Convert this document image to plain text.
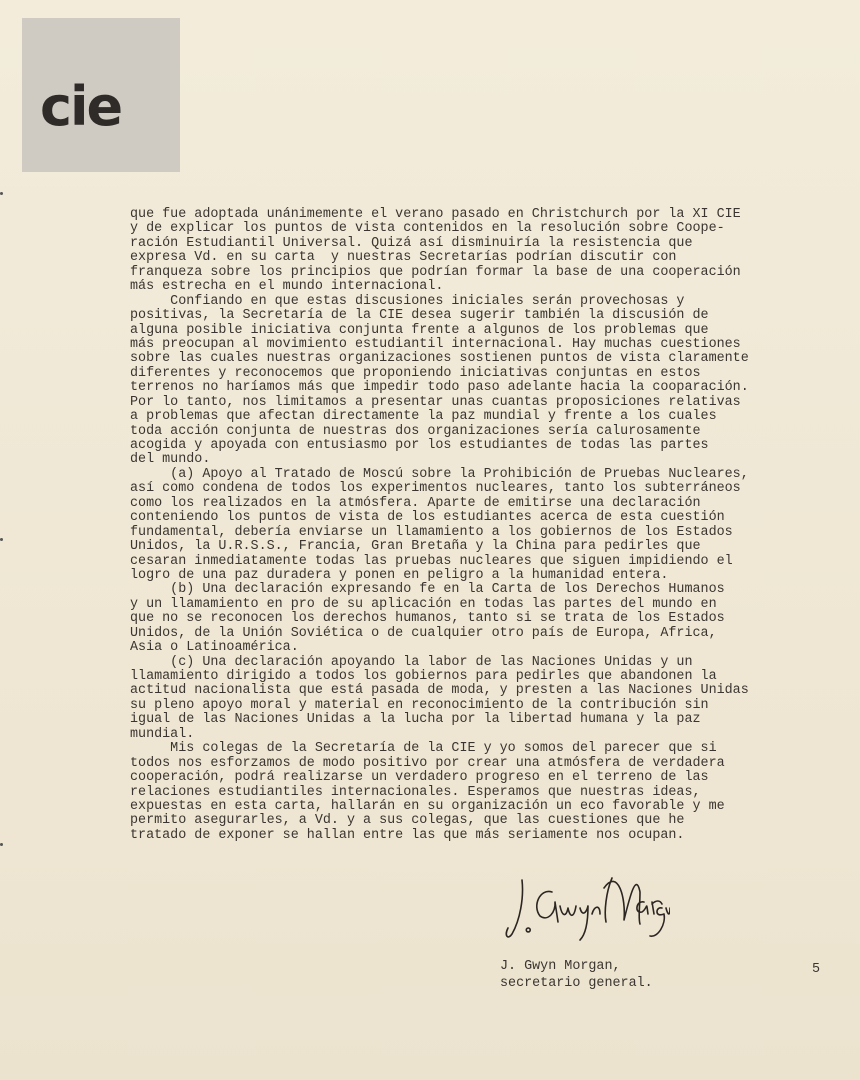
cie
que fue adoptada unánimemente el verano pasado en Christchurch por la XI CIE
y de explicar los puntos de vista contenidos en la resolución sobre Coope-
ración Estudiantil Universal. Quizá así disminuiría la resistencia que
expresa Vd. en su carta  y nuestras Secretarías podrían discutir con
franqueza sobre los principios que podrían formar la base de una cooperación
más estrecha en el mundo internacional.
Confiando en que estas discusiones iniciales serán provechosas y
positivas, la Secretaría de la CIE desea sugerir también la discusión de
alguna posible iniciativa conjunta frente a algunos de los problemas que
más preocupan al movimiento estudiantil internacional. Hay muchas cuestiones
sobre las cuales nuestras organizaciones sostienen puntos de vista claramente
diferentes y reconocemos que proponiendo iniciativas conjuntas en estos
terrenos no haríamos más que impedir todo paso adelante hacia la cooparación.
Por lo tanto, nos limitamos a presentar unas cuantas proposiciones relativas
a problemas que afectan directamente la paz mundial y frente a los cuales
toda acción conjunta de nuestras dos organizaciones sería calurosamente
acogida y apoyada con entusiasmo por los estudiantes de todas las partes
del mundo.
(a) Apoyo al Tratado de Moscú sobre la Prohibición de Pruebas Nucleares,
así como condena de todos los experimentos nucleares, tanto los subterráneos
como los realizados en la atmósfera. Aparte de emitirse una declaración
conteniendo los puntos de vista de los estudiantes acerca de esta cuestión
fundamental, debería enviarse un llamamiento a los gobiernos de los Estados
Unidos, la U.R.S.S., Francia, Gran Bretaña y la China para pedirles que
cesaran inmediatamente todas las pruebas nucleares que siguen impidiendo el
logro de una paz duradera y ponen en peligro a la humanidad entera.
(b) Una declaración expresando fe en la Carta de los Derechos Humanos
y un llamamiento en pro de su aplicación en todas las partes del mundo en
que no se reconocen los derechos humanos, tanto si se trata de los Estados
Unidos, de la Unión Soviética o de cualquier otro país de Europa, Africa,
Asia o Latinoamérica.
(c) Una declaración apoyando la labor de las Naciones Unidas y un
llamamiento dirigido a todos los gobiernos para pedirles que abandonen la
actitud nacionalista que está pasada de moda, y presten a las Naciones Unidas
su pleno apoyo moral y material en reconocimiento de la contribución sin
igual de las Naciones Unidas a la lucha por la libertad humana y la paz
mundial.
Mis colegas de la Secretaría de la CIE y yo somos del parecer que si
todos nos esforzamos de modo positivo por crear una atmósfera de verdadera
cooperación, podrá realizarse un verdadero progreso en el terreno de las
relaciones estudiantiles internacionales. Esperamos que nuestras ideas,
expuestas en esta carta, hallarán en su organización un eco favorable y me
permito asegurarles, a Vd. y a sus colegas, que las cuestiones que he
tratado de exponer se hallan entre las que más seriamente nos ocupan.
J. Gwyn Morgan,
secretario general.
5
